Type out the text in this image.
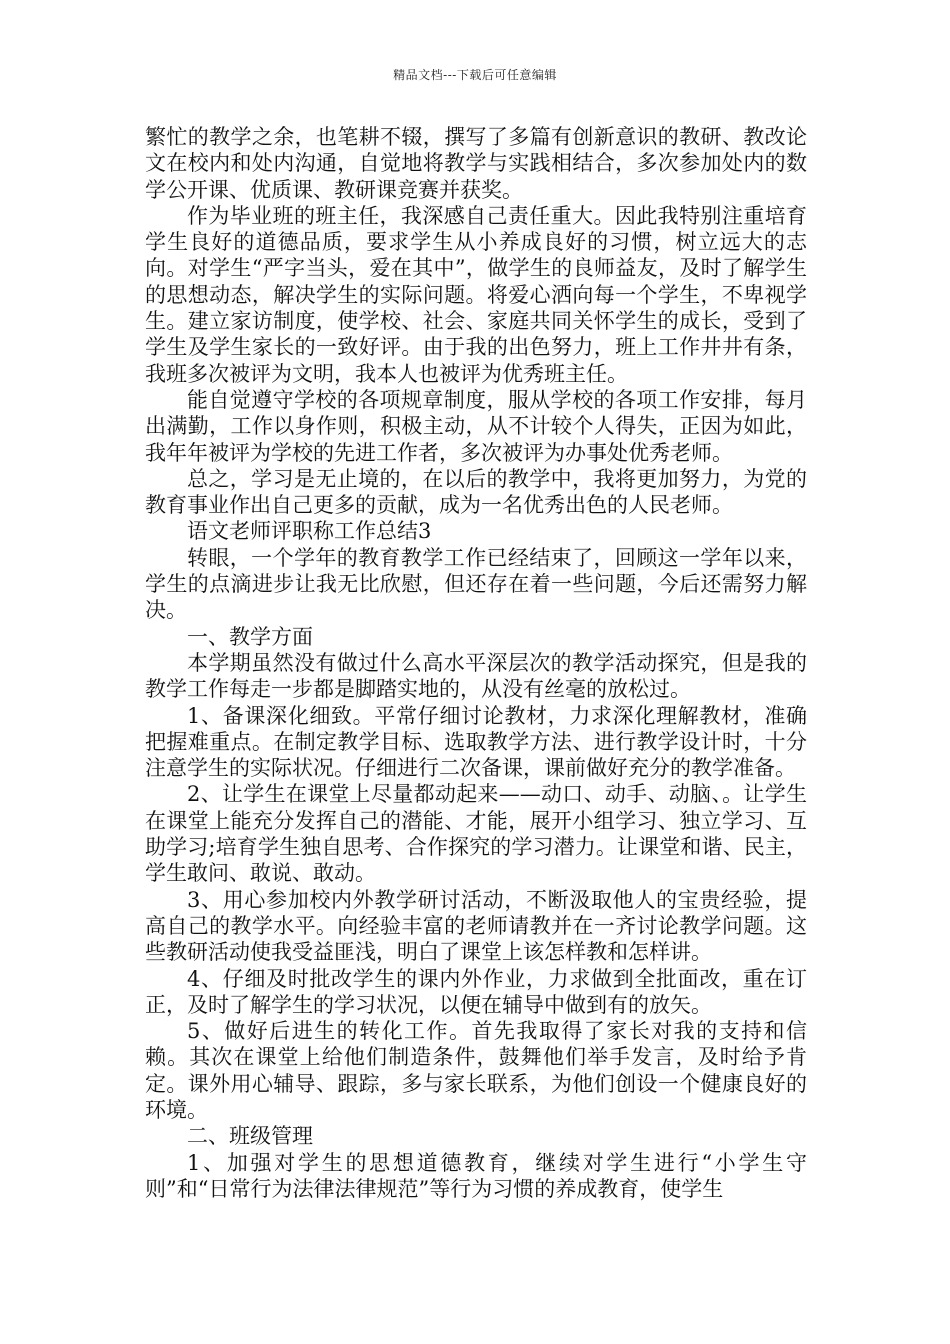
精品文档---下载后可任意编辑

繁忙的教学之余，也笔耕不辍，撰写了多篇有创新意识的教研、教改论文在校内和处内沟通，自觉地将教学与实践相结合，多次参加处内的数学公开课、优质课、教研课竞赛并获奖。

作为毕业班的班主任，我深感自己责任重大。因此我特别注重培育学生良好的道德品质，要求学生从小养成良好的习惯，树立远大的志向。对学生“严字当头，爱在其中”，做学生的良师益友，及时了解学生的思想动态，解决学生的实际问题。将爱心洒向每一个学生，不卑视学生。建立家访制度，使学校、社会、家庭共同关怀学生的成长，受到了学生及学生家长的一致好评。由于我的出色努力，班上工作井井有条，我班多次被评为文明，我本人也被评为优秀班主任。

能自觉遵守学校的各项规章制度，服从学校的各项工作安排，每月出满勤，工作以身作则，积极主动，从不计较个人得失，正因为如此，我年年被评为学校的先进工作者，多次被评为办事处优秀老师。

总之，学习是无止境的，在以后的教学中，我将更加努力，为党的教育事业作出自己更多的贡献，成为一名优秀出色的人民老师。

语文老师评职称工作总结3

转眼，一个学年的教育教学工作已经结束了，回顾这一学年以来，学生的点滴进步让我无比欣慰，但还存在着一些问题，今后还需努力解决。

一、教学方面

本学期虽然没有做过什么高水平深层次的教学活动探究，但是我的教学工作每走一步都是脚踏实地的，从没有丝毫的放松过。

1、备课深化细致。平常仔细讨论教材，力求深化理解教材，准确把握难重点。在制定教学目标、选取教学方法、进行教学设计时，十分注意学生的实际状况。仔细进行二次备课，课前做好充分的教学准备。

2、让学生在课堂上尽量都动起来——动口、动手、动脑、。让学生在课堂上能充分发挥自己的潜能、才能，展开小组学习、独立学习、互助学习;培育学生独自思考、合作探究的学习潜力。让课堂和谐、民主，学生敢问、敢说、敢动。

3、用心参加校内外教学研讨活动，不断汲取他人的宝贵经验，提高自己的教学水平。向经验丰富的老师请教并在一齐讨论教学问题。这些教研活动使我受益匪浅，明白了课堂上该怎样教和怎样讲。

4、仔细及时批改学生的课内外作业，力求做到全批面改，重在订正，及时了解学生的学习状况，以便在辅导中做到有的放矢。

5、做好后进生的转化工作。首先我取得了家长对我的支持和信赖。其次在课堂上给他们制造条件，鼓舞他们举手发言，及时给予肯定。课外用心辅导、跟踪，多与家长联系，为他们创设一个健康良好的环境。

二、班级管理

1、加强对学生的思想道德教育，继续对学生进行“小学生守则”和“日常行为法律法律规范”等行为习惯的养成教育，使学生
